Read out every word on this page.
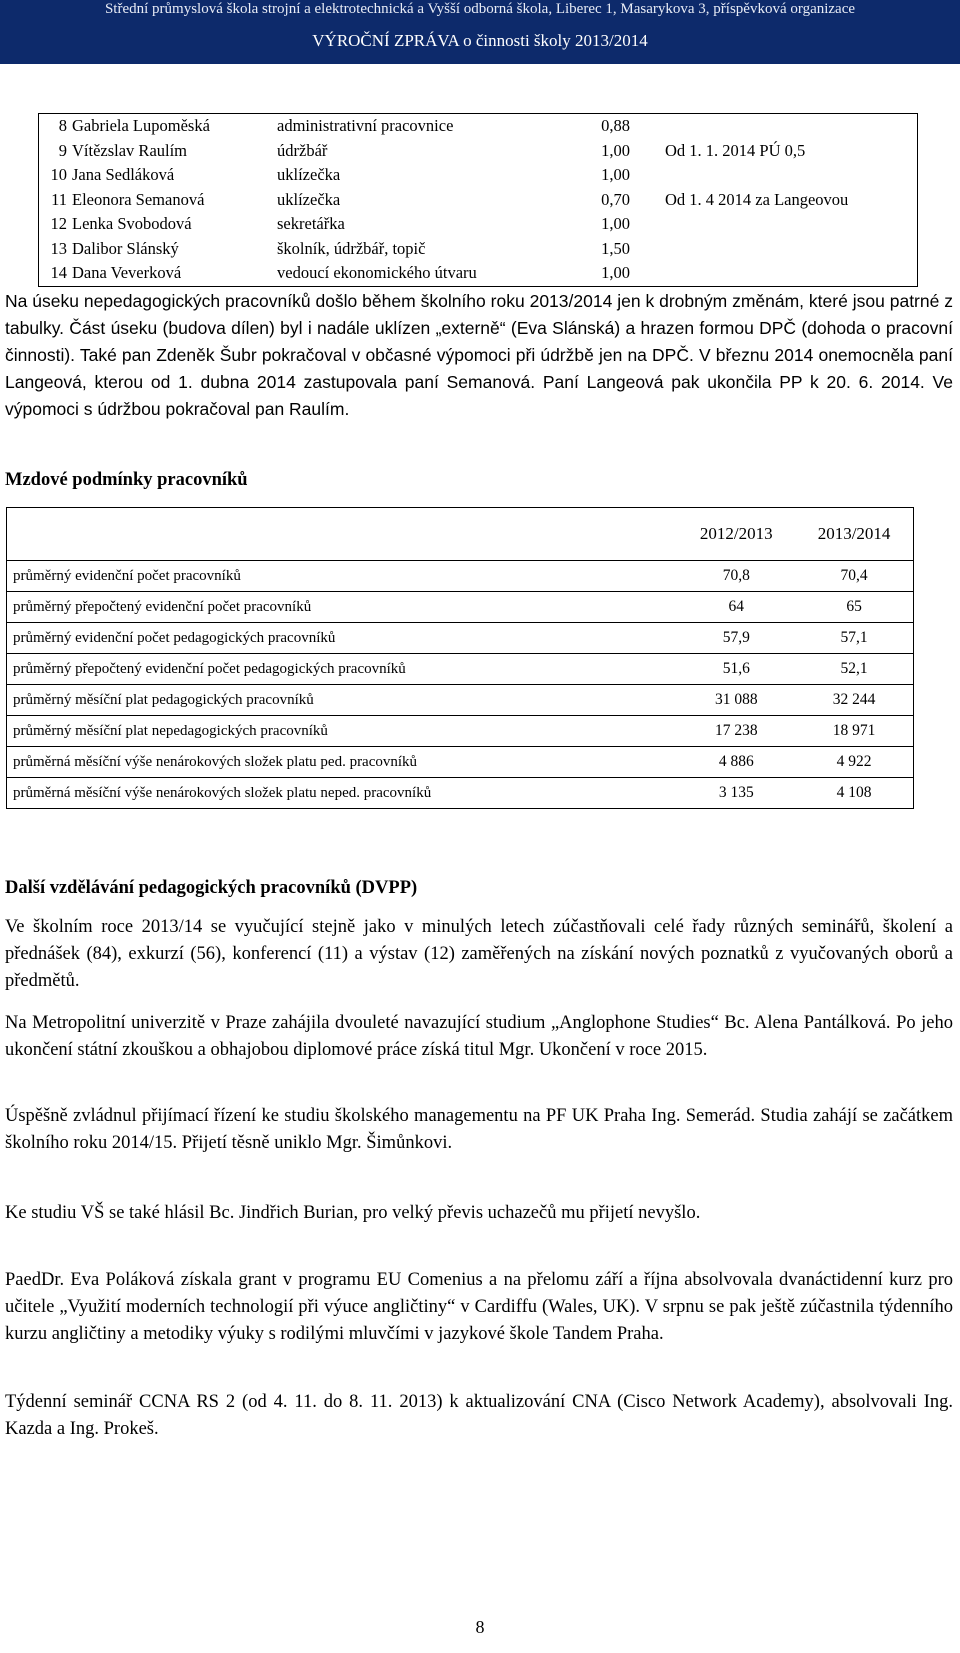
Střední průmyslová škola strojní a elektrotechnická a Vyšší odborná škola, Liberec 1, Masarykova 3, příspěvková organizace
VÝROČNÍ ZPRÁVA o činnosti školy 2013/2014
8	Gabriela Lupoměská	administrativní pracovnice	0,88	
9	Vítězslav Raulím	údržbář	1,00	Od 1. 1. 2014 PÚ 0,5
10	Jana Sedláková	uklízečka	1,00	
11	Eleonora Semanová	uklízečka	0,70	Od 1. 4 2014 za Langeovou
12	Lenka Svobodová	sekretářka	1,00	
13	Dalibor Slánský	školník, údržbář, topič	1,50	
14	Dana Veverková	vedoucí ekonomického útvaru	1,00	
Na úseku nepedagogických pracovníků došlo během školního roku 2013/2014 jen k drobným změnám, které jsou patrné z tabulky. Část úseku (budova dílen) byl i nadále uklízen „externě“ (Eva Slánská) a hrazen formou DPČ (dohoda o pracovní činnosti). Také pan Zdeněk Šubr pokračoval v občasné výpomoci při údržbě jen na DPČ. V březnu 2014 onemocněla paní Langeová, kterou od 1. dubna 2014 zastupovala paní Semanová. Paní Langeová pak ukončila PP k 20. 6. 2014. Ve výpomoci s údržbou pokračoval pan Raulím.
Mzdové podmínky pracovníků
	2012/2013	2013/2014
průměrný evidenční počet pracovníků	70,8	70,4
průměrný přepočtený evidenční počet pracovníků	64	65
průměrný evidenční počet pedagogických pracovníků	57,9	57,1
průměrný přepočtený evidenční počet pedagogických pracovníků	51,6	52,1
průměrný měsíční plat pedagogických pracovníků	31 088	32 244
průměrný měsíční plat nepedagogických pracovníků	17 238	18 971
průměrná měsíční výše nenárokových složek platu ped. pracovníků	4 886	4 922
průměrná měsíční výše nenárokových složek platu neped. pracovníků	3 135	4 108
Další vzdělávání pedagogických pracovníků (DVPP)
Ve školním roce 2013/14 se vyučující stejně jako v minulých letech zúčastňovali celé řady různých seminářů, školení a přednášek (84), exkurzí (56), konferencí (11) a výstav (12) zaměřených na získání nových poznatků z vyučovaných oborů a předmětů.
Na Metropolitní univerzitě v Praze zahájila dvouleté navazující studium „Anglophone Studies“ Bc. Alena Pantálková. Po jeho ukončení státní zkouškou a obhajobou diplomové práce získá titul Mgr. Ukončení v roce 2015.
Úspěšně zvládnul přijímací řízení ke studiu školského managementu na PF UK Praha Ing. Semerád. Studia zahájí se začátkem školního roku 2014/15. Přijetí těsně uniklo Mgr. Šimůnkovi.
Ke studiu VŠ se také hlásil Bc. Jindřich Burian, pro velký převis uchazečů mu přijetí nevyšlo.
PaedDr. Eva Poláková získala grant v programu EU Comenius a na přelomu září a října absolvovala dvanáctidenní kurz pro učitele „Využití moderních technologií při výuce angličtiny“ v Cardiffu (Wales, UK). V srpnu se pak ještě zúčastnila týdenního kurzu angličtiny a metodiky výuky s rodilými mluvčími v jazykové škole Tandem Praha.
Týdenní seminář CCNA RS 2 (od 4. 11. do 8. 11. 2013) k aktualizování CNA (Cisco Network Academy), absolvovali Ing. Kazda a Ing. Prokeš.
8
